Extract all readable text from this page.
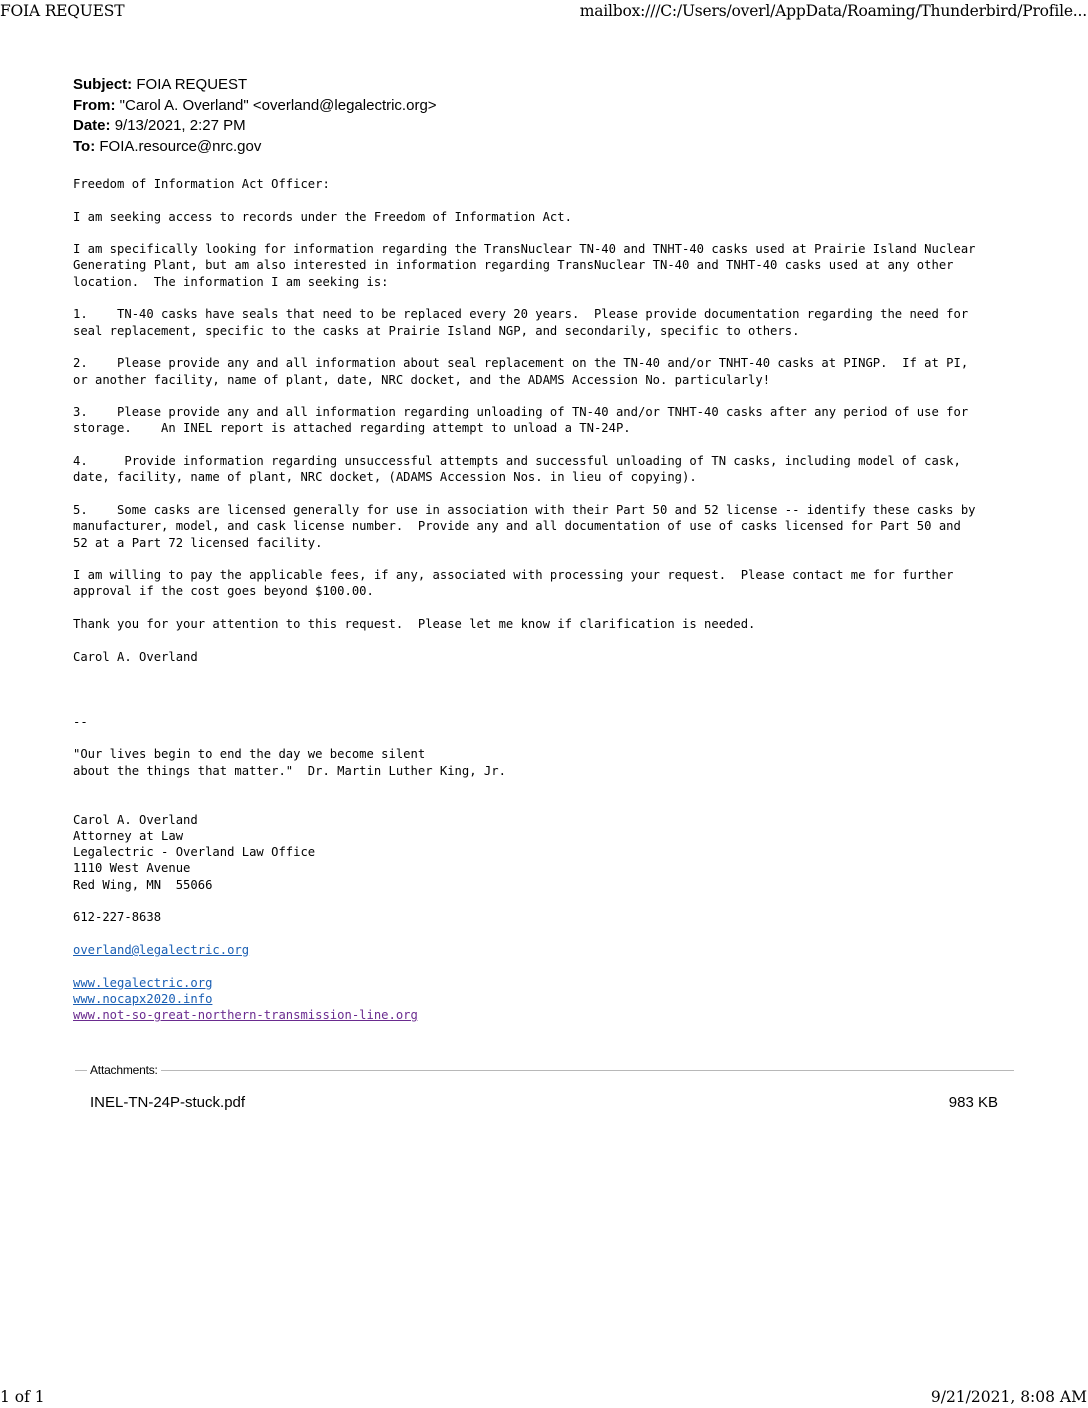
FOIA REQUEST	mailbox:///C:/Users/overl/AppData/Roaming/Thunderbird/Profile...
Subject: FOIA REQUEST
From: "Carol A. Overland" <overland@legalectric.org>
Date: 9/13/2021, 2:27 PM
To: FOIA.resource@nrc.gov
Freedom of Information Act Officer:
I am seeking access to records under the Freedom of Information Act.
I am specifically looking for information regarding the TransNuclear TN-40 and TNHT-40 casks used at Prairie Island Nuclear
Generating Plant, but am also interested in information regarding TransNuclear TN-40 and TNHT-40 casks used at any other
location.  The information I am seeking is:
1.    TN-40 casks have seals that need to be replaced every 20 years.  Please provide documentation regarding the need for
seal replacement, specific to the casks at Prairie Island NGP, and secondarily, specific to others.
2.    Please provide any and all information about seal replacement on the TN-40 and/or TNHT-40 casks at PINGP.  If at PI,
or another facility, name of plant, date, NRC docket, and the ADAMS Accession No. particularly!
3.    Please provide any and all information regarding unloading of TN-40 and/or TNHT-40 casks after any period of use for
storage.    An INEL report is attached regarding attempt to unload a TN-24P.
4.     Provide information regarding unsuccessful attempts and successful unloading of TN casks, including model of cask,
date, facility, name of plant, NRC docket, (ADAMS Accession Nos. in lieu of copying).
5.    Some casks are licensed generally for use in association with their Part 50 and 52 license -- identify these casks by
manufacturer, model, and cask license number.  Provide any and all documentation of use of casks licensed for Part 50 and
52 at a Part 72 licensed facility.
I am willing to pay the applicable fees, if any, associated with processing your request.  Please contact me for further
approval if the cost goes beyond $100.00.
Thank you for your attention to this request.  Please let me know if clarification is needed.
Carol A. Overland
--
"Our lives begin to end the day we become silent
about the things that matter."  Dr. Martin Luther King, Jr.
Carol A. Overland
Attorney at Law
Legalectric - Overland Law Office
1110 West Avenue
Red Wing, MN  55066
612-227-8638
overland@legalectric.org
www.legalectric.org
www.nocapx2020.info
www.not-so-great-northern-transmission-line.org
Attachments:
INEL-TN-24P-stuck.pdf	983 KB
1 of 1	9/21/2021, 8:08 AM
